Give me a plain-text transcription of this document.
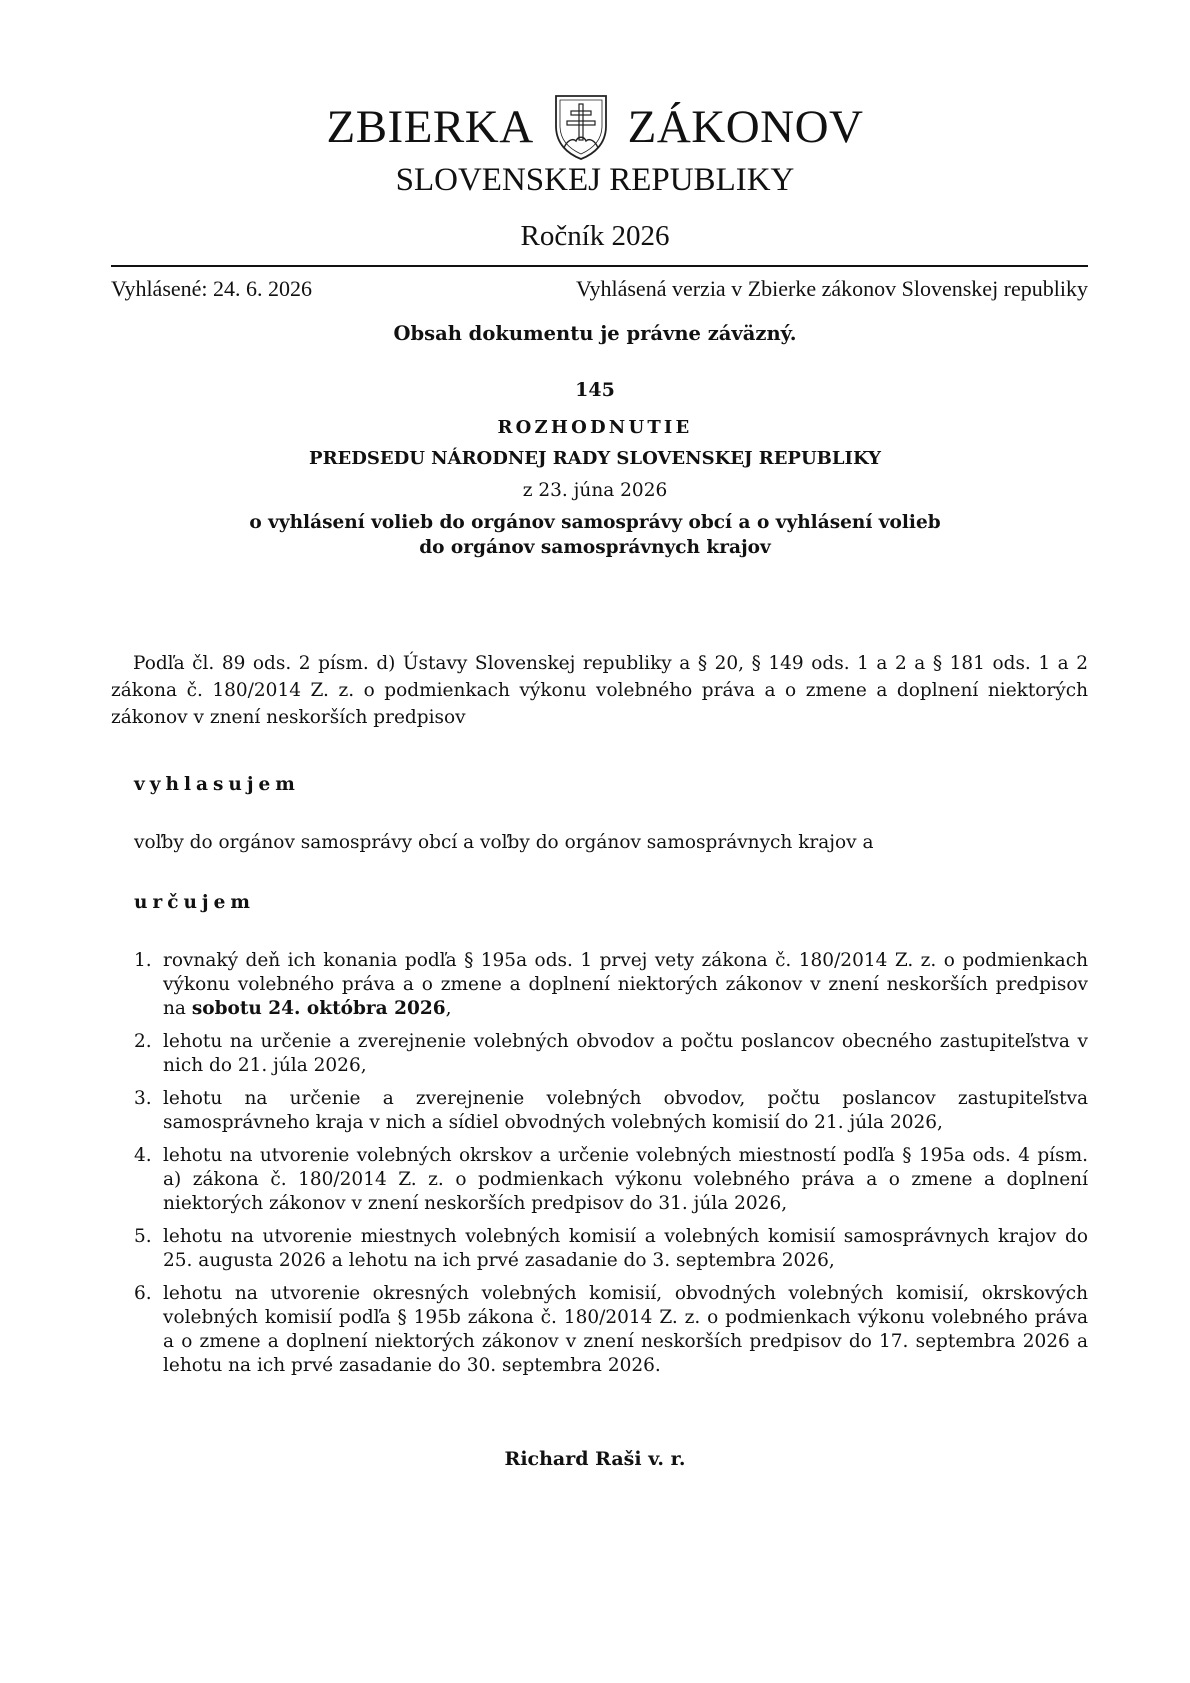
ZBIERKA ZÁKONOV
SLOVENSKEJ REPUBLIKY
Ročník 2026
Vyhlásené: 24. 6. 2026	Vyhlásená verzia v Zbierke zákonov Slovenskej republiky
Obsah dokumentu je právne záväzný.
145
ROZHODNUTIE
PREDSEDU NÁRODNEJ RADY SLOVENSKEJ REPUBLIKY
z 23. júna 2026
o vyhlásení volieb do orgánov samosprávy obcí a o vyhlásení volieb
do orgánov samosprávnych krajov
Podľa čl. 89 ods. 2 písm. d) Ústavy Slovenskej republiky a § 20, § 149 ods. 1 a 2 a § 181 ods. 1 a 2 zákona č. 180/2014 Z. z. o podmienkach výkonu volebného práva a o zmene a doplnení niektorých zákonov v znení neskorších predpisov
vyhlasujem
voľby do orgánov samosprávy obcí a voľby do orgánov samosprávnych krajov a
určujem
1. rovnaký deň ich konania podľa § 195a ods. 1 prvej vety zákona č. 180/2014 Z. z. o podmienkach výkonu volebného práva a o zmene a doplnení niektorých zákonov v znení neskorších predpisov na sobotu 24. októbra 2026,
2. lehotu na určenie a zverejnenie volebných obvodov a počtu poslancov obecného zastupiteľstva v nich do 21. júla 2026,
3. lehotu na určenie a zverejnenie volebných obvodov, počtu poslancov zastupiteľstva samosprávneho kraja v nich a sídiel obvodných volebných komisií do 21. júla 2026,
4. lehotu na utvorenie volebných okrskov a určenie volebných miestností podľa § 195a ods. 4 písm. a) zákona č. 180/2014 Z. z. o podmienkach výkonu volebného práva a o zmene a doplnení niektorých zákonov v znení neskorších predpisov do 31. júla 2026,
5. lehotu na utvorenie miestnych volebných komisií a volebných komisií samosprávnych krajov do 25. augusta 2026 a lehotu na ich prvé zasadanie do 3. septembra 2026,
6. lehotu na utvorenie okresných volebných komisií, obvodných volebných komisií, okrskových volebných komisií podľa § 195b zákona č. 180/2014 Z. z. o podmienkach výkonu volebného práva a o zmene a doplnení niektorých zákonov v znení neskorších predpisov do 17. septembra 2026 a lehotu na ich prvé zasadanie do 30. septembra 2026.
Richard Raši v. r.
